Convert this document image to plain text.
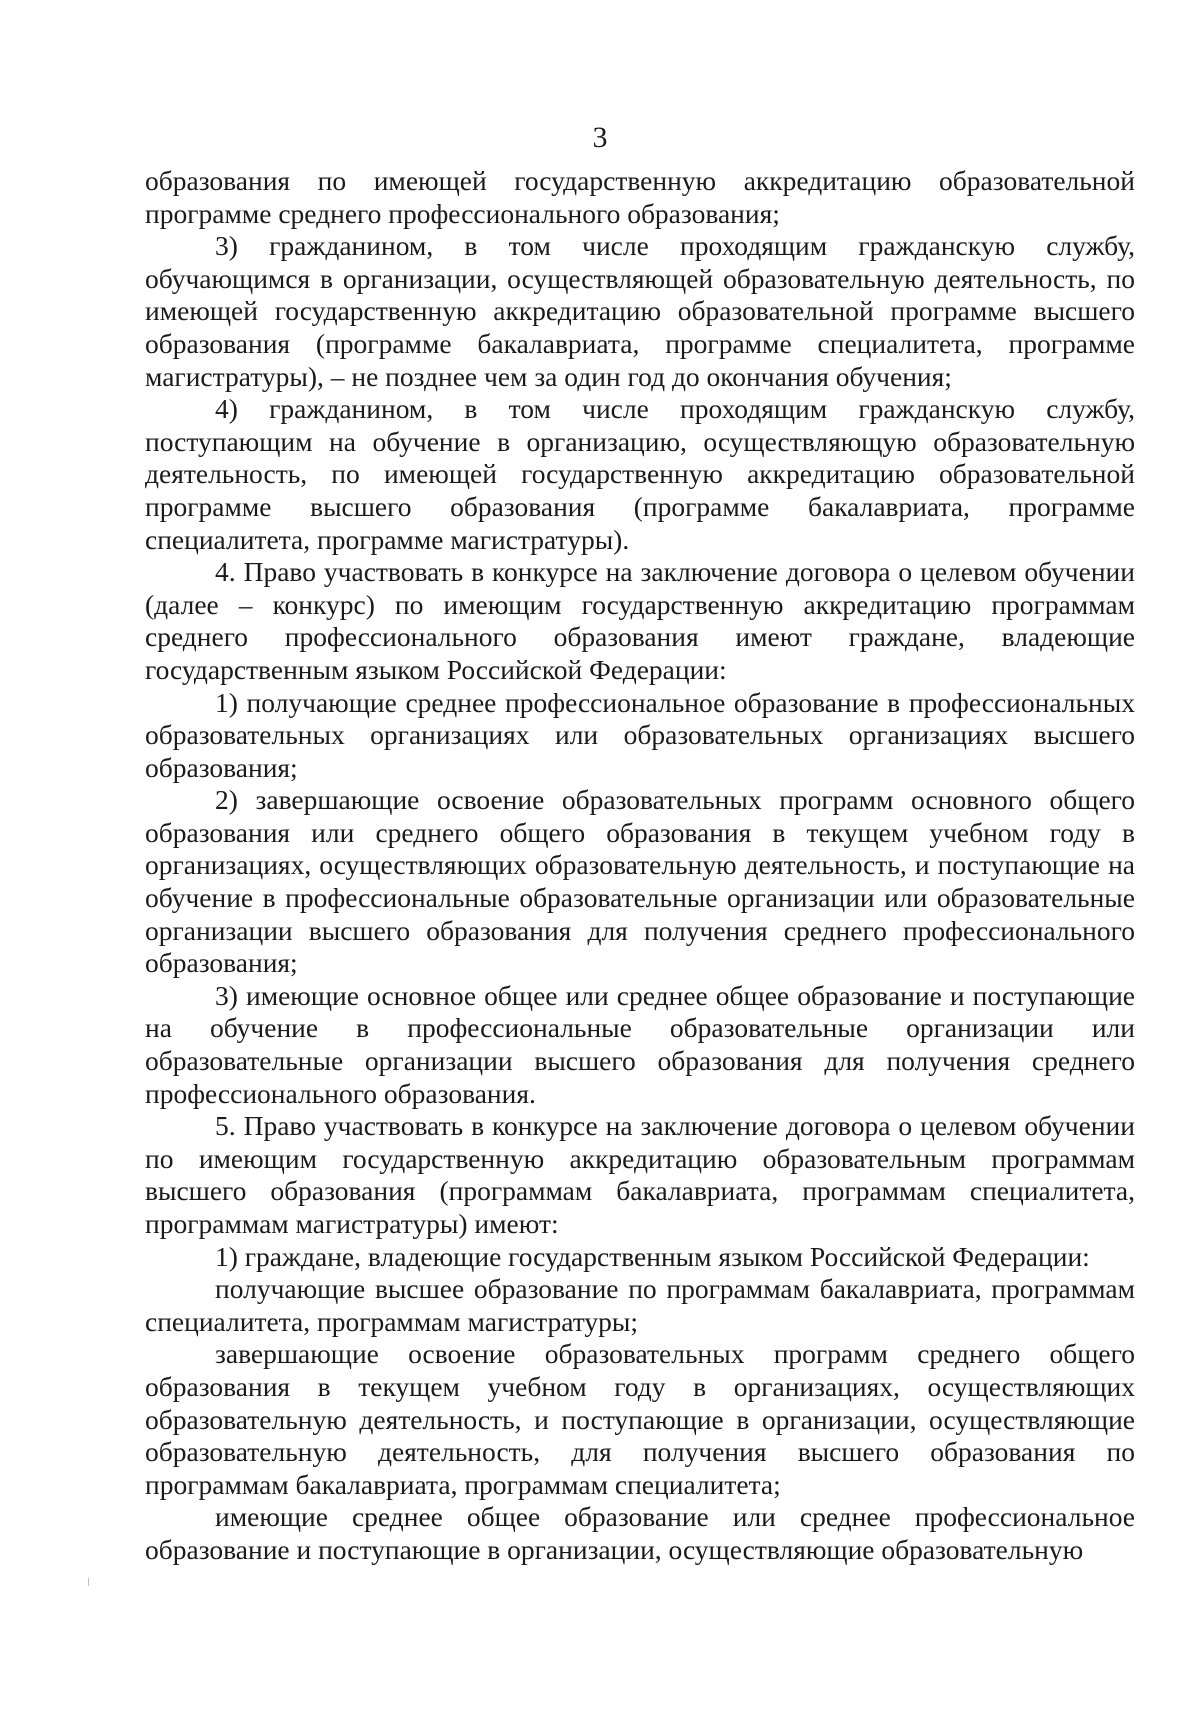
3

образования по имеющей государственную аккредитацию образовательной программе среднего профессионального образования;

3) гражданином, в том числе проходящим гражданскую службу, обучающимся в организации, осуществляющей образовательную деятельность, по имеющей государственную аккредитацию образовательной программе высшего образования (программе бакалавриата, программе специалитета, программе магистратуры), – не позднее чем за один год до окончания обучения;

4) гражданином, в том числе проходящим гражданскую службу, поступающим на обучение в организацию, осуществляющую образовательную деятельность, по имеющей государственную аккредитацию образовательной программе высшего образования (программе бакалавриата, программе специалитета, программе магистратуры).

4. Право участвовать в конкурсе на заключение договора о целевом обучении (далее – конкурс) по имеющим государственную аккредитацию программам среднего профессионального образования имеют граждане, владеющие государственным языком Российской Федерации:

1) получающие среднее профессиональное образование в профессиональных образовательных организациях или образовательных организациях высшего образования;

2) завершающие освоение образовательных программ основного общего образования или среднего общего образования в текущем учебном году в организациях, осуществляющих образовательную деятельность, и поступающие на обучение в профессиональные образовательные организации или образовательные организации высшего образования для получения среднего профессионального образования;

3) имеющие основное общее или среднее общее образование и поступающие на обучение в профессиональные образовательные организации или образовательные организации высшего образования для получения среднего профессионального образования.

5. Право участвовать в конкурсе на заключение договора о целевом обучении по имеющим государственную аккредитацию образовательным программам высшего образования (программам бакалавриата, программам специалитета, программам магистратуры) имеют:

1) граждане, владеющие государственным языком Российской Федерации:

получающие высшее образование по программам бакалавриата, программам специалитета, программам магистратуры;

завершающие освоение образовательных программ среднего общего образования в текущем учебном году в организациях, осуществляющих образовательную деятельность, и поступающие в организации, осуществляющие образовательную деятельность, для получения высшего образования по программам бакалавриата, программам специалитета;

имеющие среднее общее образование или среднее профессиональное образование и поступающие в организации, осуществляющие образовательную
